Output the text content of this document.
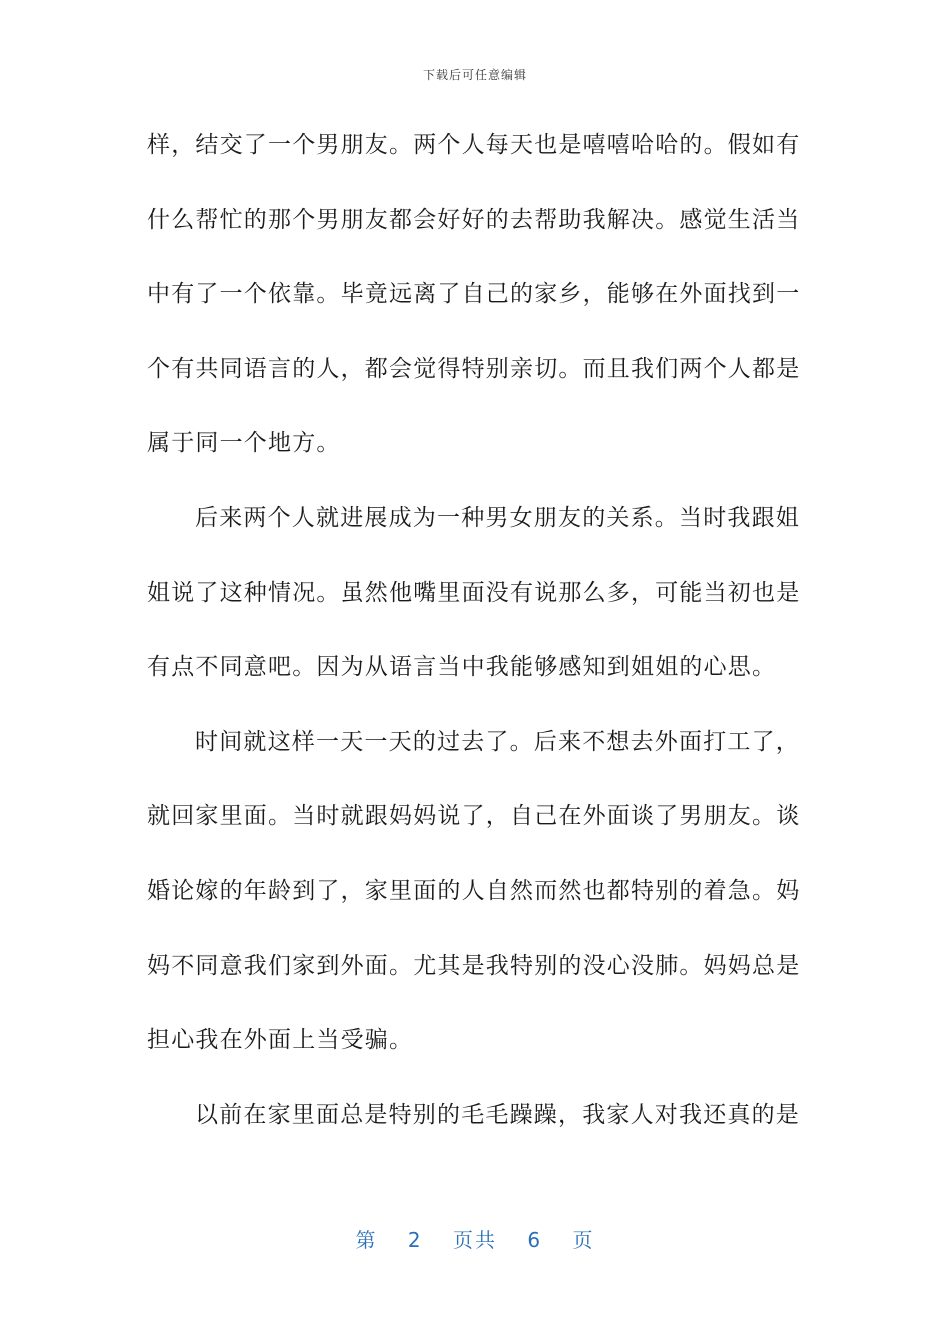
下载后可任意编辑
样，结交了一个男朋友。两个人每天也是嘻嘻哈哈的。假如有
什么帮忙的那个男朋友都会好好的去帮助我解决。感觉生活当
中有了一个依靠。毕竟远离了自己的家乡，能够在外面找到一
个有共同语言的人，都会觉得特别亲切。而且我们两个人都是
属于同一个地方。
后来两个人就进展成为一种男女朋友的关系。当时我跟姐
姐说了这种情况。虽然他嘴里面没有说那么多，可能当初也是
有点不同意吧。因为从语言当中我能够感知到姐姐的心思。
时间就这样一天一天的过去了。后来不想去外面打工了，
就回家里面。当时就跟妈妈说了，自己在外面谈了男朋友。谈
婚论嫁的年龄到了，家里面的人自然而然也都特别的着急。妈
妈不同意我们家到外面。尤其是我特别的没心没肺。妈妈总是
担心我在外面上当受骗。
以前在家里面总是特别的毛毛躁躁，我家人对我还真的是
第 2 页共 6 页
